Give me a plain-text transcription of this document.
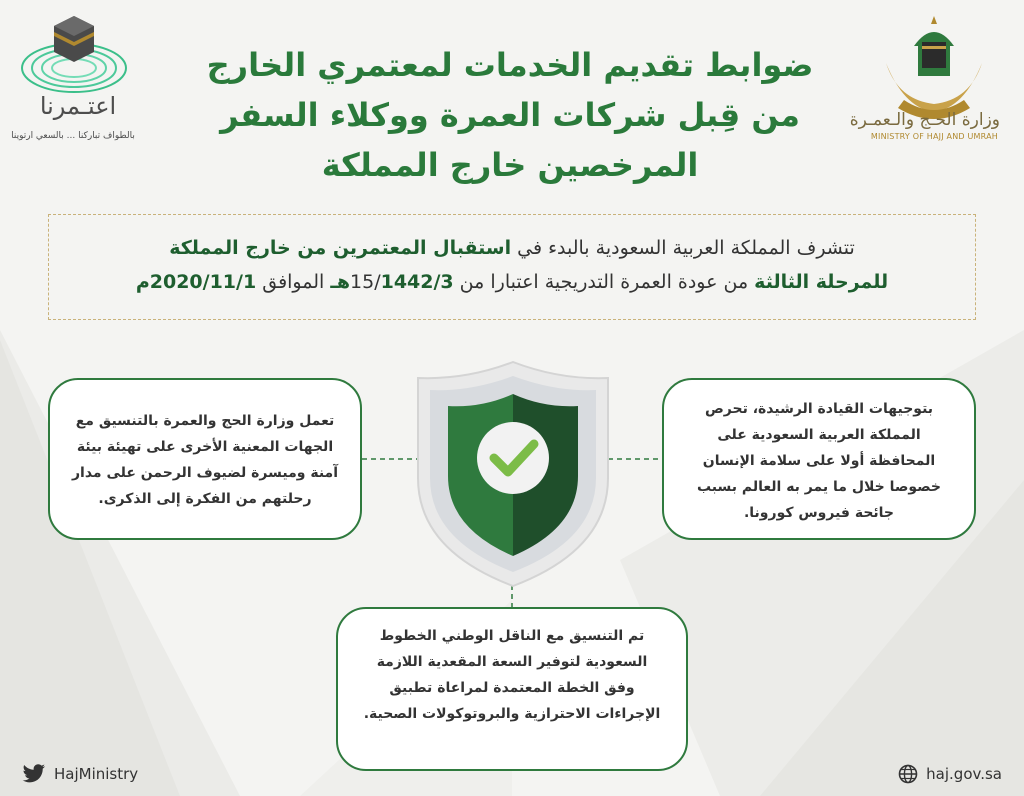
وزارة الحـج والـعمـرة
MINISTRY OF HAJJ AND UMRAH
اعتـمرنا
بالطواف تباركنا ... بالسعي ارتوينا
ضوابط تقديم الخدمات لمعتمري الخارج
من قِبل شركات العمرة ووكلاء السفر
المرخصين خارج المملكة
تتشرف المملكة العربية السعودية بالبدء في استقبال المعتمرين من خارج المملكة
للمرحلة الثالثة من عودة العمرة التدريجية اعتبارا من 15/1442/3هـ الموافق 2020/11/1م
بتوجيهات القيادة الرشيدة، تحرص
المملكة العربية السعودية على
المحافظة أولا على سلامة الإنسان
خصوصا خلال ما يمر به العالم بسبب
جائحة فيروس كورونا.
تعمل وزارة الحج والعمرة بالتنسيق مع
الجهات المعنية الأخرى على تهيئة بيئة
آمنة وميسرة لضيوف الرحمن على مدار
رحلتهم من الفكرة إلى الذكرى.
تم التنسيق مع الناقل الوطني الخطوط
السعودية لتوفير السعة المقعدية اللازمة
وفق الخطة المعتمدة لمراعاة تطبيق
الإجراءات الاحترازية والبروتوكولات الصحية.
HajMinistry	haj.gov.sa
